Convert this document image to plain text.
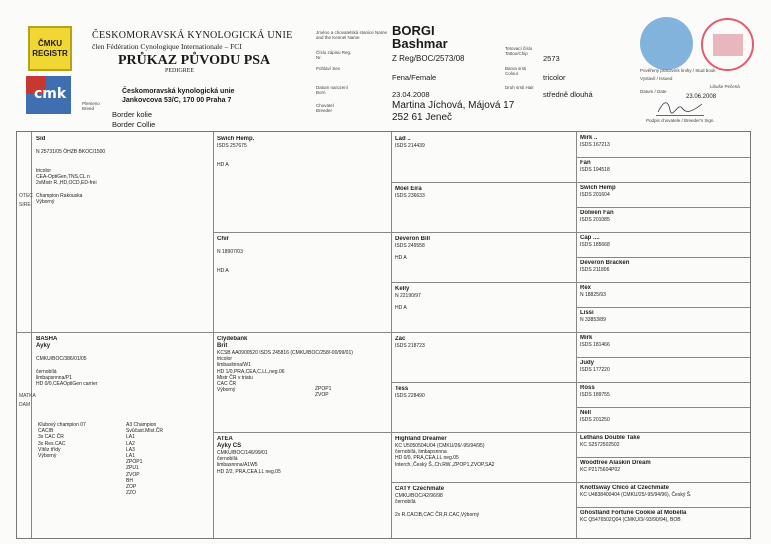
ČMKU
REGISTR
cmk
ČESKOMORAVSKÁ KYNOLOGICKÁ UNIE
člen Fédération Cynologique Internationale – FCI
PRŮKAZ PŮVODU PSA
PEDIGREE
Českomoravská kynologická unie
Jankovcova 53/C, 170 00 Praha 7
Plemeno Breed
Border kolie
Border Collie
Jméno a chovatelská stanice Name and the Kennel Name	BORGI
Bashmar
Číslo zápisu Reg. Nr.	Z Reg/BOC/2573/08
Tetovací číslo Tattoo/Chip
2573
Pohlaví Sex
Fena/Female
Barva srsti Colour	tricolor
Datum narození Born	23.04.2008
Druh srsti Hair
středně dlouhá
Chovatel Breeder	Martina Jíchová, Májová 17
252 61 Jeneč
Pověřený pracovník knihy / Stud book
Vystavil / Issued
Libuše Pečená
Datum / Date
23.06.2008
Podpis chovatele / Breeder's Sign.
OTEC SIRE
MATKA DAM
Sid

N 25731/05 ÖHZB BKOC/1500

tricolor
CEA-OptiGen,TNS,CL n
2xMistr R.,HD,OCD,ED-frei

Champion Rakouska
Výborný
Swich Hemp.
ISDS 257675

HD A
Chir

N 18907/03

HD A
Lad ..
ISDS 214439
Moel Eira
ISDS 236633
Deveron Bill
ISDS 249558

HD A
Kelly
N 22190/97

HD A
Mirk ..
ISDS 167213
Fan
ISDS 194518
Swich Hemp
ISDS 201604
Dolwen Fan
ISDS 201085
Cap ....
ISDS 185668
Deveron Bracken
ISDS 211806
Rex
N 18825/93
Lissi
N 33853/89
BASHA
Ayky

CMKU/BOC/386/01/05

černobílá
limbapsnnna/P1
HD 0/0,CEAOptiGen carrier
Klubový champion 07
CACIB
3x CAC ČR
3x Res.CAC
Vítěz třídy
Výborný
A3 Champion
Svůčast.Mist.ČR
LA1
LA2
LA3
LA1
ZPOP1
ZPU1
ZVOP
BH
ZOP
ZZO
Clydebank
Brit
KCSB AA0900520 ISDS 245816 (CMKU/BOC/258/-00/99/01)
tricolor
limbaslinna/W1
HD 1/0,PRA,CEA,C,LL,neg.06
Mistr ČR v triatu
CAC ČR
Výborný	ZPOP1
ZVOP
ATEA
Ayky CS
CMKU/BOC/146/99/01
černobílá
limbasnnna/A1W5
HD 2/2, PRA,CEA,LL neg.05
Zac
ISDS 218723
Tess
ISDS 228490
Highland Dreamer
KC U5050504U04 (CMKU/26/-95/94/95)
černobílá, limbapsnnna
HD 0/0, PRA,CEA,LL neg.05
Interch.,Český Š.,Ch.RW.,ZPOP1,ZVOP,SA2
CATY Czechmate
CMKU/BOC/42/96/98
černobílá

2x R.CACIB,CAC ČR,R.CAC,Výborný
Mirk
ISDS 181466
Judy
ISDS 177220
Ross
ISDS 189755
Nell
ISDS 201250
Lethans Double Take
KC S2572502502
Woodtree Alaskin Dream
KC P2175604P02
Knottsway Chico at Czechmate
KC U4838400404 (CMKU/25/-95/94/96), Český Š.
Ghostland Fortune Cookie at Mobella
KC Q5476502Q04 (CMKU/3/-93/90/94), BOB
